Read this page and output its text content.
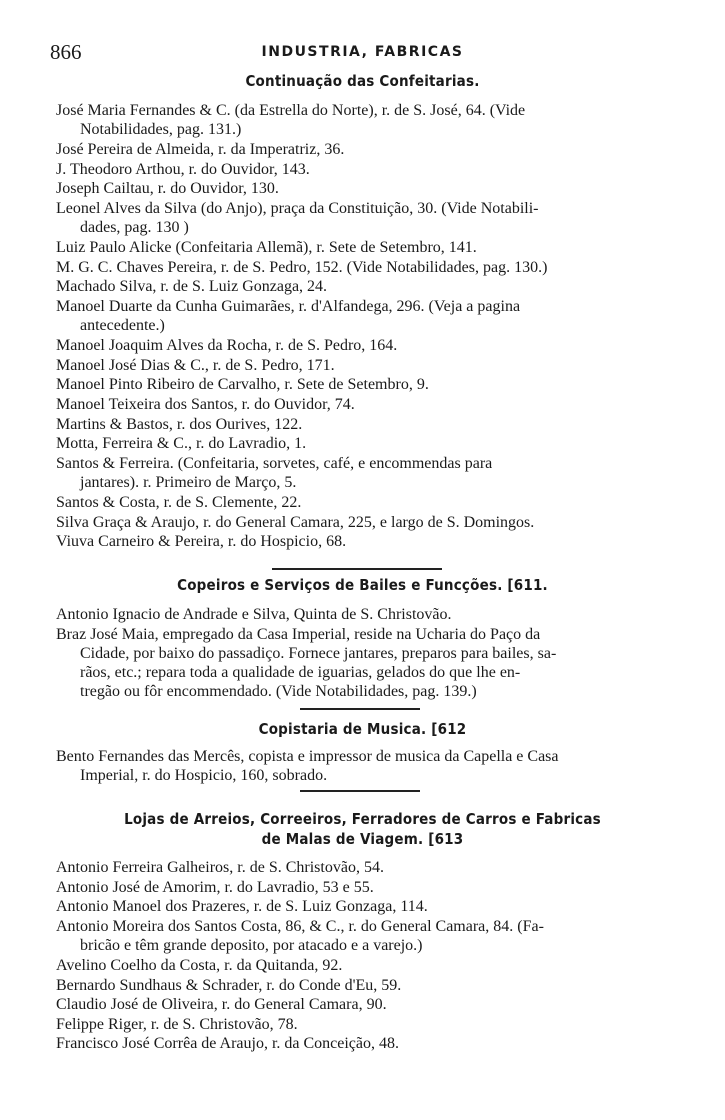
866	INDUSTRIA, FABRICAS
Continuação das Confeitarias.
José Maria Fernandes & C. (da Estrella do Norte), r. de S. José, 64. (Vide
Notabilidades, pag. 131.)
José Pereira de Almeida, r. da Imperatriz, 36.
J. Theodoro Arthou, r. do Ouvidor, 143.
Joseph Cailtau, r. do Ouvidor, 130.
Leonel Alves da Silva (do Anjo), praça da Constituição, 30. (Vide Notabili-
dades, pag. 130 )
Luiz Paulo Alicke (Confeitaria Allemã), r. Sete de Setembro, 141.
M. G. C. Chaves Pereira, r. de S. Pedro, 152. (Vide Notabilidades, pag. 130.)
Machado Silva, r. de S. Luiz Gonzaga, 24.
Manoel Duarte da Cunha Guimarães, r. d'Alfandega, 296. (Veja a pagina
antecedente.)
Manoel Joaquim Alves da Rocha, r. de S. Pedro, 164.
Manoel José Dias & C., r. de S. Pedro, 171.
Manoel Pinto Ribeiro de Carvalho, r. Sete de Setembro, 9.
Manoel Teixeira dos Santos, r. do Ouvidor, 74.
Martins & Bastos, r. dos Ourives, 122.
Motta, Ferreira & C., r. do Lavradio, 1.
Santos & Ferreira. (Confeitaria, sorvetes, café, e encommendas para
jantares). r. Primeiro de Março, 5.
Santos & Costa, r. de S. Clemente, 22.
Silva Graça & Araujo, r. do General Camara, 225, e largo de S. Domingos.
Viuva Carneiro & Pereira, r. do Hospicio, 68.
Copeiros e Serviços de Bailes e Funcções. [611.
Antonio Ignacio de Andrade e Silva, Quinta de S. Christovão.
Braz José Maia, empregado da Casa Imperial, reside na Ucharia do Paço da
Cidade, por baixo do passadiço. Fornece jantares, preparos para bailes, sa-
rãos, etc.; repara toda a qualidade de iguarias, gelados do que lhe en-
tregão ou fôr encommendado. (Vide Notabilidades, pag. 139.)
Copistaria de Musica. [612
Bento Fernandes das Mercês, copista e impressor de musica da Capella e Casa
Imperial, r. do Hospicio, 160, sobrado.
Lojas de Arreios, Correeiros, Ferradores de Carros e Fabricas
de Malas de Viagem. [613
Antonio Ferreira Galheiros, r. de S. Christovão, 54.
Antonio José de Amorim, r. do Lavradio, 53 e 55.
Antonio Manoel dos Prazeres, r. de S. Luiz Gonzaga, 114.
Antonio Moreira dos Santos Costa, 86, & C., r. do General Camara, 84. (Fa-
bricão e têm grande deposito, por atacado e a varejo.)
Avelino Coelho da Costa, r. da Quitanda, 92.
Bernardo Sundhaus & Schrader, r. do Conde d'Eu, 59.
Claudio José de Oliveira, r. do General Camara, 90.
Felippe Riger, r. de S. Christovão, 78.
Francisco José Corrêa de Araujo, r. da Conceição, 48.
